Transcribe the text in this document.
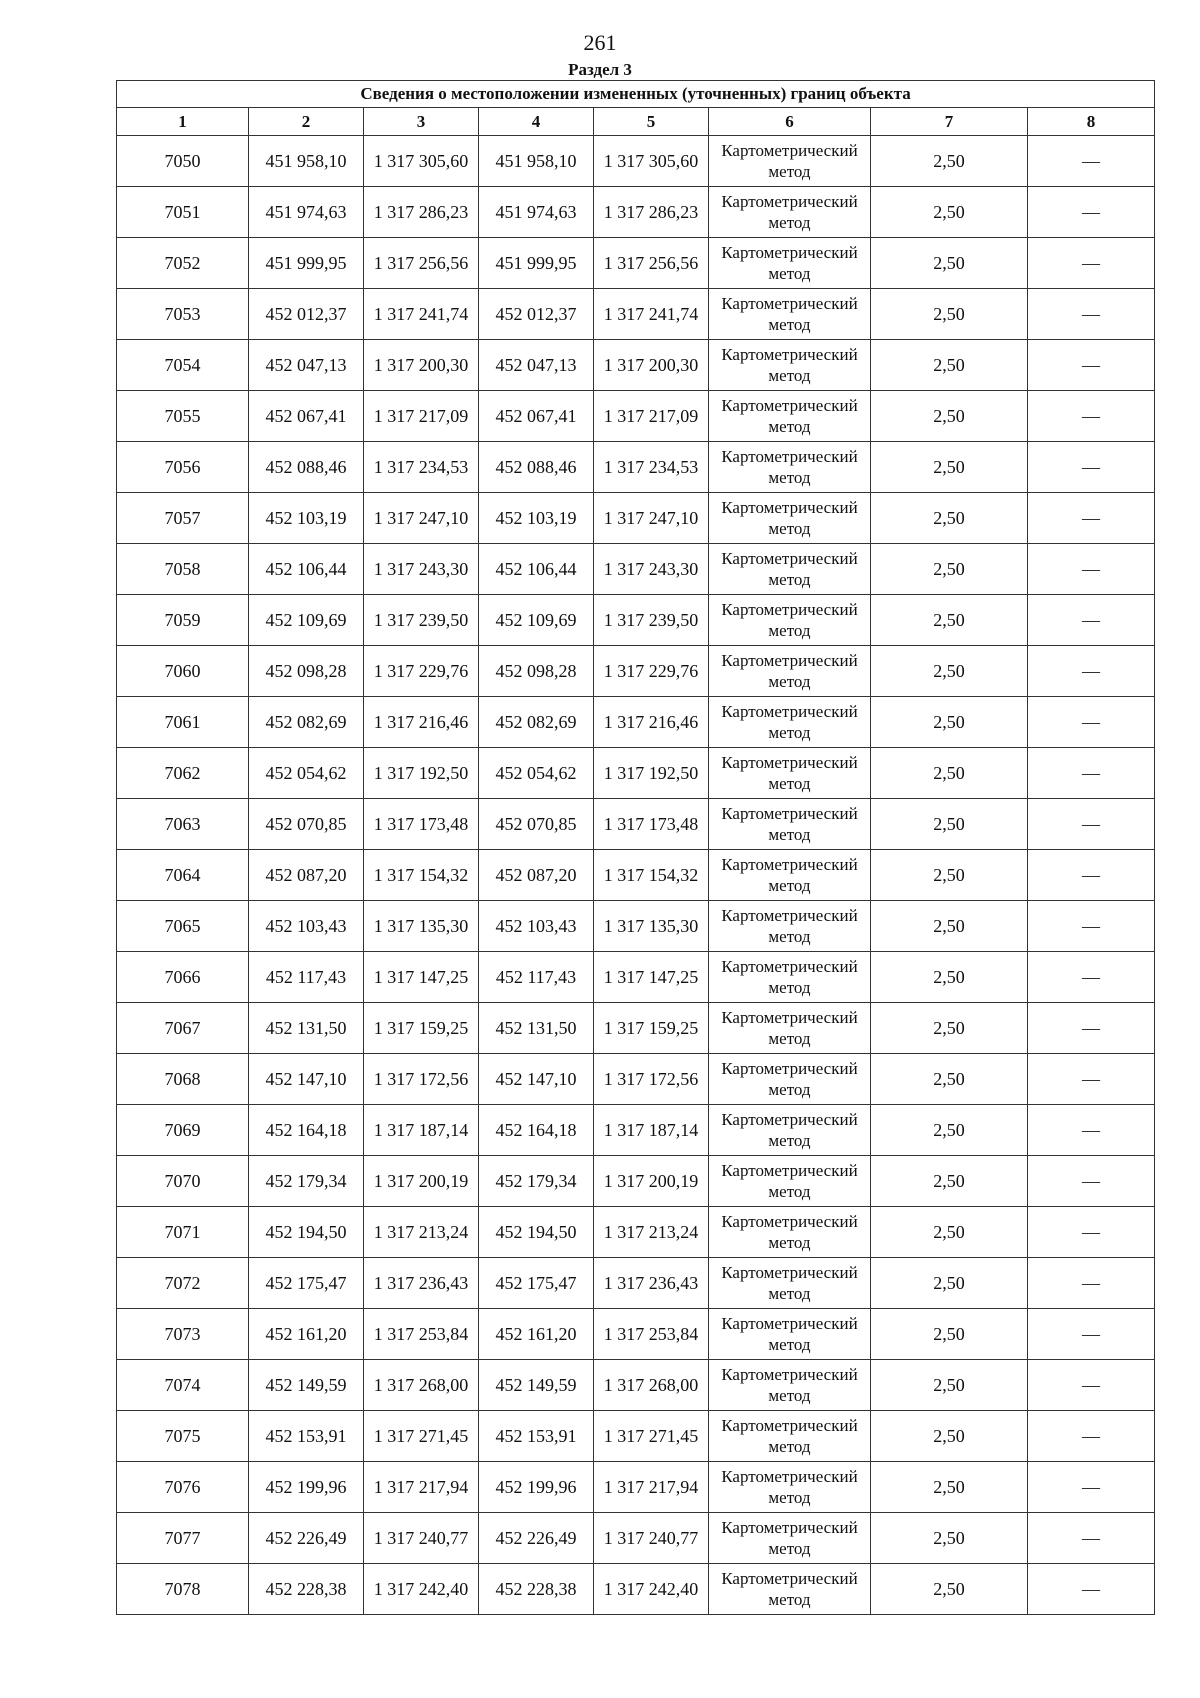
261
Раздел 3
Сведения о местоположении измененных (уточненных) границ объекта							
1	2	3	4	5	6	7	8
7050	451 958,10	1 317 305,60	451 958,10	1 317 305,60	Картометрический метод	2,50	—
7051	451 974,63	1 317 286,23	451 974,63	1 317 286,23	Картометрический метод	2,50	—
7052	451 999,95	1 317 256,56	451 999,95	1 317 256,56	Картометрический метод	2,50	—
7053	452 012,37	1 317 241,74	452 012,37	1 317 241,74	Картометрический метод	2,50	—
7054	452 047,13	1 317 200,30	452 047,13	1 317 200,30	Картометрический метод	2,50	—
7055	452 067,41	1 317 217,09	452 067,41	1 317 217,09	Картометрический метод	2,50	—
7056	452 088,46	1 317 234,53	452 088,46	1 317 234,53	Картометрический метод	2,50	—
7057	452 103,19	1 317 247,10	452 103,19	1 317 247,10	Картометрический метод	2,50	—
7058	452 106,44	1 317 243,30	452 106,44	1 317 243,30	Картометрический метод	2,50	—
7059	452 109,69	1 317 239,50	452 109,69	1 317 239,50	Картометрический метод	2,50	—
7060	452 098,28	1 317 229,76	452 098,28	1 317 229,76	Картометрический метод	2,50	—
7061	452 082,69	1 317 216,46	452 082,69	1 317 216,46	Картометрический метод	2,50	—
7062	452 054,62	1 317 192,50	452 054,62	1 317 192,50	Картометрический метод	2,50	—
7063	452 070,85	1 317 173,48	452 070,85	1 317 173,48	Картометрический метод	2,50	—
7064	452 087,20	1 317 154,32	452 087,20	1 317 154,32	Картометрический метод	2,50	—
7065	452 103,43	1 317 135,30	452 103,43	1 317 135,30	Картометрический метод	2,50	—
7066	452 117,43	1 317 147,25	452 117,43	1 317 147,25	Картометрический метод	2,50	—
7067	452 131,50	1 317 159,25	452 131,50	1 317 159,25	Картометрический метод	2,50	—
7068	452 147,10	1 317 172,56	452 147,10	1 317 172,56	Картометрический метод	2,50	—
7069	452 164,18	1 317 187,14	452 164,18	1 317 187,14	Картометрический метод	2,50	—
7070	452 179,34	1 317 200,19	452 179,34	1 317 200,19	Картометрический метод	2,50	—
7071	452 194,50	1 317 213,24	452 194,50	1 317 213,24	Картометрический метод	2,50	—
7072	452 175,47	1 317 236,43	452 175,47	1 317 236,43	Картометрический метод	2,50	—
7073	452 161,20	1 317 253,84	452 161,20	1 317 253,84	Картометрический метод	2,50	—
7074	452 149,59	1 317 268,00	452 149,59	1 317 268,00	Картометрический метод	2,50	—
7075	452 153,91	1 317 271,45	452 153,91	1 317 271,45	Картометрический метод	2,50	—
7076	452 199,96	1 317 217,94	452 199,96	1 317 217,94	Картометрический метод	2,50	—
7077	452 226,49	1 317 240,77	452 226,49	1 317 240,77	Картометрический метод	2,50	—
7078	452 228,38	1 317 242,40	452 228,38	1 317 242,40	Картометрический метод	2,50	—
